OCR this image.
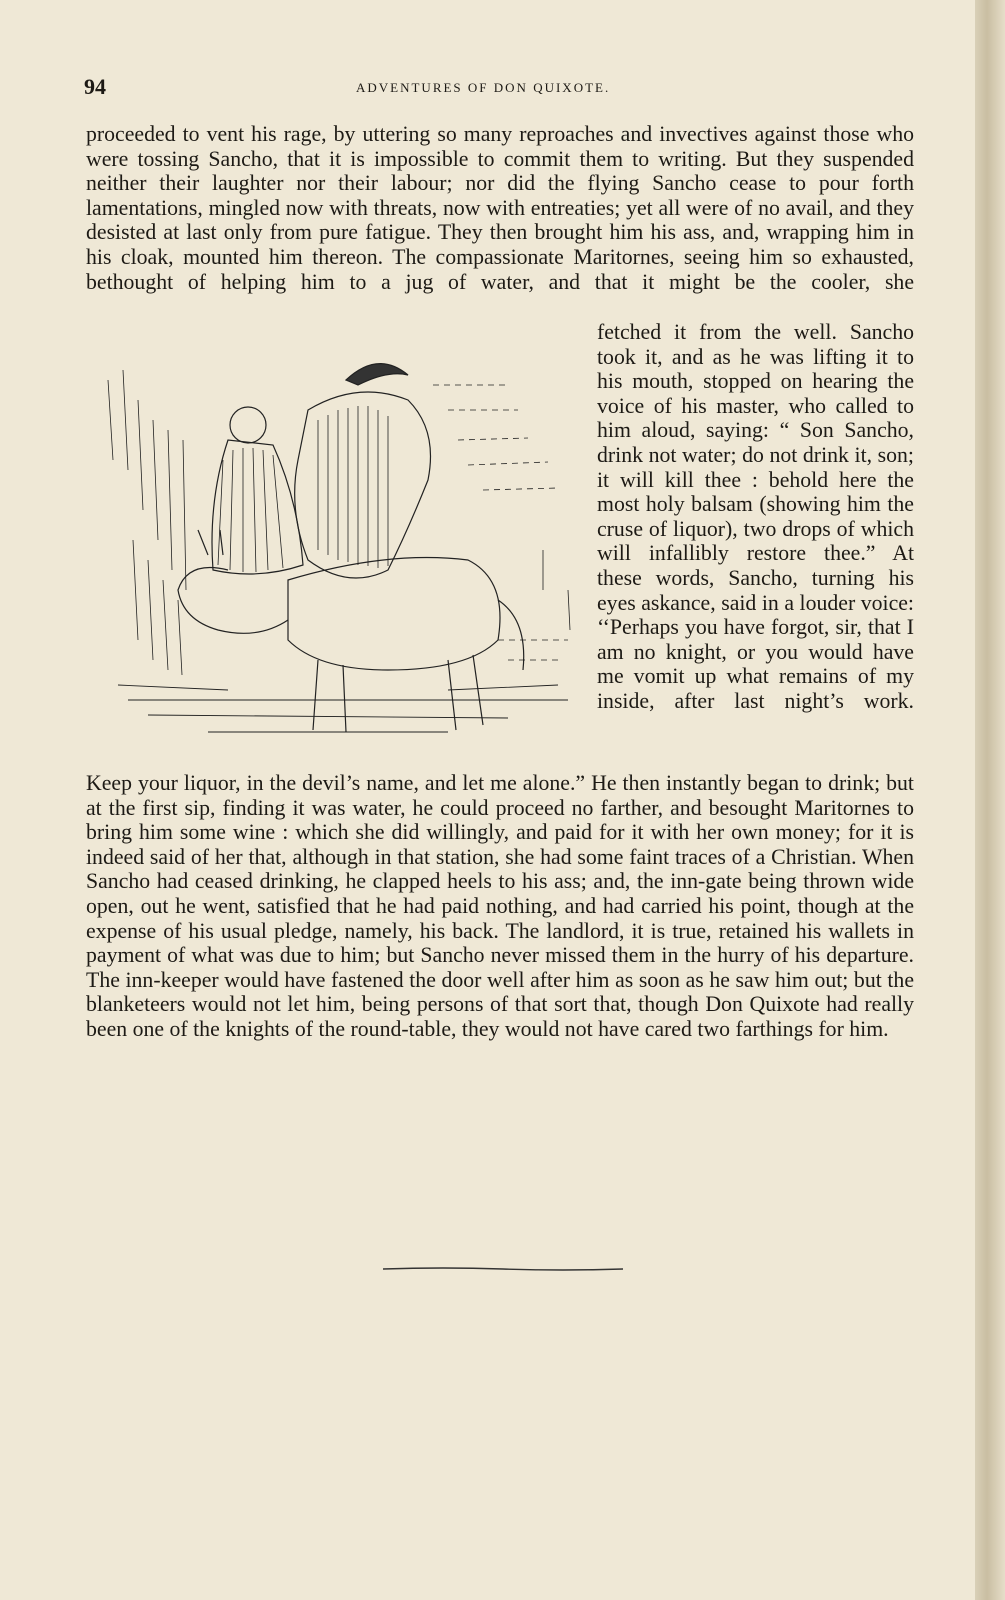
94	ADVENTURES OF DON QUIXOTE.
proceeded to vent his rage, by uttering so many reproaches and invectives against those who were tossing Sancho, that it is impossible to commit them to writing. But they suspended neither their laughter nor their labour; nor did the flying Sancho cease to pour forth lamentations, mingled now with threats, now with entreaties; yet all were of no avail, and they desisted at last only from pure fatigue. They then brought him his ass, and, wrapping him in his cloak, mounted him thereon. The compassionate Maritornes, seeing him so exhausted, bethought of helping him to a jug of water, and that it might be the cooler, she
fetched it from the well. Sancho took it, and as he was lifting it to his mouth, stopped on hearing the voice of his master, who called to him aloud, saying: “ Son Sancho, drink not water; do not drink it, son; it will kill thee : behold here the most holy balsam (showing him the cruse of liquor), two drops of which will infallibly restore thee.” At these words, Sancho, turning his eyes askance, said in a louder voice: ‘‘Perhaps you have forgot, sir, that I am no knight, or you would have me vomit up what remains of my inside, after last night’s work.
Keep your liquor, in the devil’s name, and let me alone.” He then instantly began to drink; but at the first sip, finding it was water, he could proceed no farther, and besought Maritornes to bring him some wine : which she did willingly, and paid for it with her own money; for it is indeed said of her that, although in that station, she had some faint traces of a Christian. When Sancho had ceased drinking, he clapped heels to his ass; and, the inn-gate being thrown wide open, out he went, satisfied that he had paid nothing, and had carried his point, though at the expense of his usual pledge, namely, his back. The landlord, it is true, retained his wallets in payment of what was due to him; but Sancho never missed them in the hurry of his departure. The inn-keeper would have fastened the door well after him as soon as he saw him out; but the blanketeers would not let him, being persons of that sort that, though Don Quixote had really been one of the knights of the round-table, they would not have cared two farthings for him.
